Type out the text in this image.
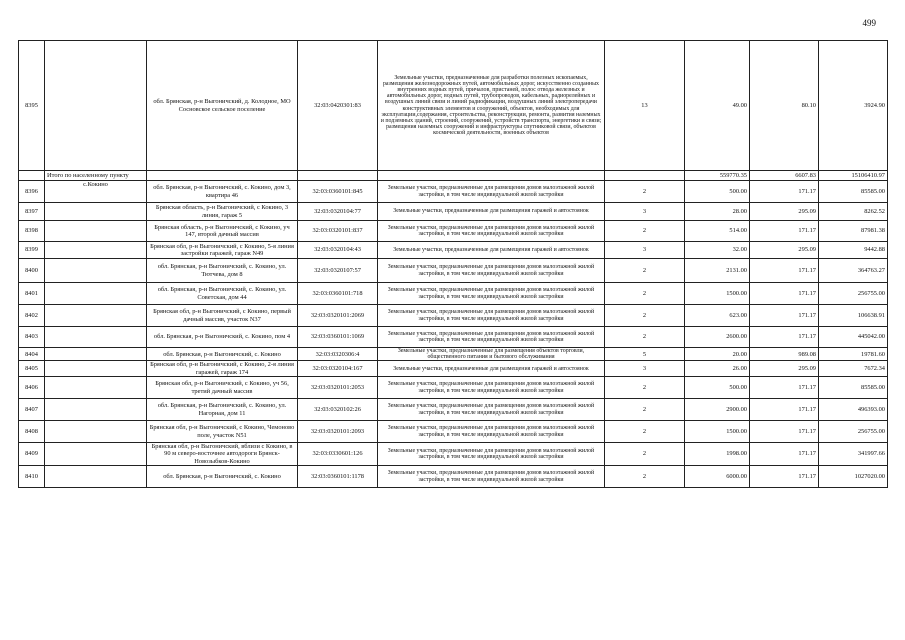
499
8395		обл. Брянская, р-н Выгоничский, д. Колодное, МО Сосновское сельское поселение	32:03:0420301:83	Земельные участки, предназначенные для разработки полезных ископаемых, размещения железнодорожных путей, автомобильных дорог, искусственно созданных внутренних водных путей, причалов, пристаней, полос отвода железных и автомобильных дорог, водных путей, трубопроводов, кабельных, радиорелейных и воздушных линий связи и линий радиофикации, воздушных линий электропередачи конструктивных элементов и сооружений, объектов, необходимых для эксплуатации,содержания, строительства, реконструкции, ремонта, развития наземных и подземных зданий, строений, сооружений, устройств транспорта, энергетики и связи; размещения наземных сооружений и инфраструктуры спутниковой связи, объектов космической деятельности, военных объектов	13	49.00	80.10	3924.90
	Итого по населенному пункту					559770.35	6607.83	15106410.97
8396	с.Кокино	обл. Брянская, р-н Выгоничский, с. Кокино, дом 3, квартира 46	32:03:0360101:845	Земельные участки, предназначенные для размещения домов малоэтажной жилой застройки, в том числе индивидуальной жилой застройки	2	500.00	171.17	85585.00
8397		Брянская область, р-н Выгоничский, с Кокино, 3 линия, гараж 5	32:03:0320104:77	Земельные участки, предназначенные для размещения гаражей и автостоянок	3	28.00	295.09	8262.52
8398		Брянская область, р-н Выгоничский, с Кокино, уч 147, второй дачный массив	32:03:0320101:837	Земельные участки, предназначенные для размещения домов малоэтажной жилой застройки, в том числе индивидуальной жилой застройки	2	514.00	171.17	87981.38
8399		Брянская обл, р-н Выгоничский, с Кокино, 5-я линия застройки гаражей, гараж N49	32:03:0320104:43	Земельные участки, предназначенные для размещения гаражей и автостоянок	3	32.00	295.09	9442.88
8400		обл. Брянская, р-н Выгоничский, с. Кокино, ул. Тютчева, дом 8	32:03:0320107:57	Земельные участки, предназначенные для размещения домов малоэтажной жилой застройки, в том числе индивидуальной жилой застройки	2	2131.00	171.17	364763.27
8401		обл. Брянская, р-н Выгоничский, с. Кокино, ул. Советская, дом 44	32:03:0360101:718	Земельные участки, предназначенные для размещения домов малоэтажной жилой застройки, в том числе индивидуальной жилой застройки	2	1500.00	171.17	256755.00
8402		Брянская обл, р-н Выгоничский, с Кокино, первый дачный массив, участок N37	32:03:0320101:2069	Земельные участки, предназначенные для размещения домов малоэтажной жилой застройки, в том числе индивидуальной жилой застройки	2	623.00	171.17	106638.91
8403		обл. Брянская, р-н Выгоничский, с. Кокино, пом 4	32:03:0360101:1069	Земельные участки, предназначенные для размещения домов малоэтажной жилой застройки, в том числе индивидуальной жилой застройки	2	2600.00	171.17	445042.00
8404		обл. Брянская, р-н Выгоничский, с. Кокино	32:03:0320306:4	Земельные участки, предназначенные для размещения объектов торговли, общественного питания и бытового обслуживания	5	20.00	989.08	19781.60
8405		Брянская обл, р-н Выгоничский, с Кокино, 2-я линия гаражей, гараж 174	32:03:0320104:167	Земельные участки, предназначенные для размещения гаражей и автостоянок	3	26.00	295.09	7672.34
8406		Брянская обл, р-н Выгоничский, с Кокино, уч 56, третий дачный массив	32:03:0320101:2053	Земельные участки, предназначенные для размещения домов малоэтажной жилой застройки, в том числе индивидуальной жилой застройки	2	500.00	171.17	85585.00
8407		обл. Брянская, р-н Выгоничский, с. Кокино, ул. Нагорная, дом 11	32:03:0320102:26	Земельные участки, предназначенные для размещения домов малоэтажной жилой застройки, в том числе индивидуальной жилой застройки	2	2900.00	171.17	496393.00
8408		Брянская обл, р-н Выгоничский, с Кокино, Чемоново поле, участок N51	32:03:0320101:2093	Земельные участки, предназначенные для размещения домов малоэтажной жилой застройки, в том числе индивидуальной жилой застройки	2	1500.00	171.17	256755.00
8409		Брянская обл, р-н Выгоничский, вблизи с Кокино, в 90 м северо-восточнее автодороги Брянск-Новозыбков-Кокино	32:03:0330601:126	Земельные участки, предназначенные для размещения домов малоэтажной жилой застройки, в том числе индивидуальной жилой застройки	2	1998.00	171.17	341997.66
8410		обл. Брянская, р-н Выгоничский, с. Кокино	32:03:0360101:1178	Земельные участки, предназначенные для размещения домов малоэтажной жилой застройки, в том числе индивидуальной жилой застройки	2	6000.00	171.17	1027020.00
